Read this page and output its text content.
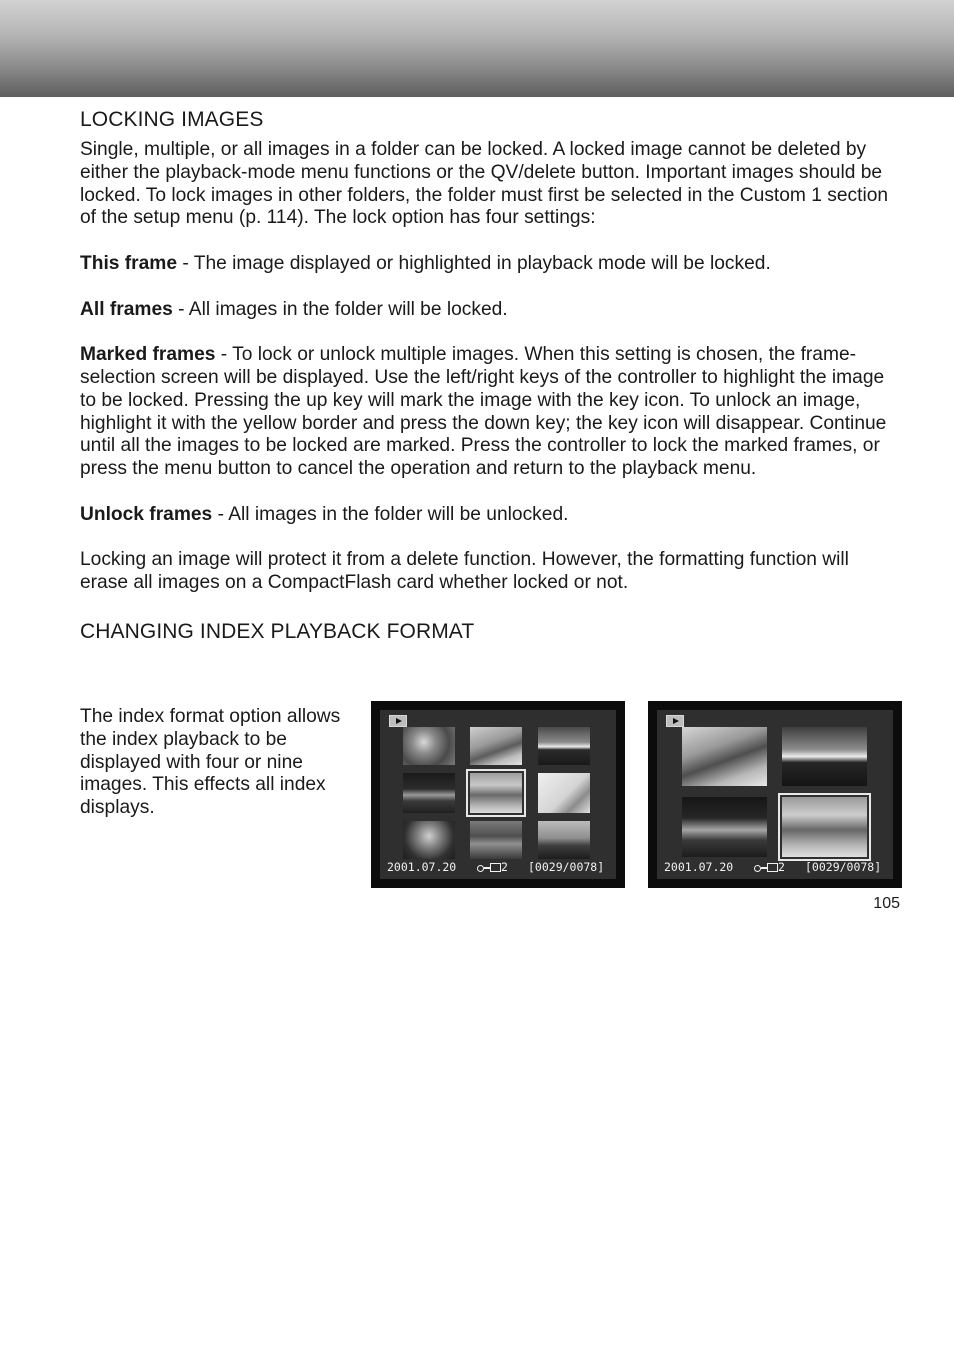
LOCKING IMAGES

Single, multiple, or all images in a folder can be locked. A locked image cannot be deleted by either the playback-mode menu functions or the QV/delete button. Important images should be locked. To lock images in other folders, the folder must first be selected in the Custom 1 section of the setup menu (p. 114). The lock option has four settings:

This frame - The image displayed or highlighted in playback mode will be locked.

All frames - All images in the folder will be locked.

Marked frames - To lock or unlock multiple images. When this setting is chosen, the frame-selection screen will be displayed. Use the left/right keys of the controller to highlight the image to be locked. Pressing the up key will mark the image with the key icon. To unlock an image, highlight it with the yellow border and press the down key; the key icon will disappear. Continue until all the images to be locked are marked. Press the controller to lock the marked frames, or press the menu button to cancel the operation and return to the playback menu.

Unlock frames - All images in the folder will be unlocked.

Locking an image will protect it from a delete function. However, the formatting function will erase all images on a CompactFlash card whether locked or not.

CHANGING INDEX PLAYBACK FORMAT

The index format option allows the index playback to be displayed with four or nine images. This effects all index displays.

2001.07.20	2 [0029/0078]	2001.07.20	2 [0029/0078]
105
